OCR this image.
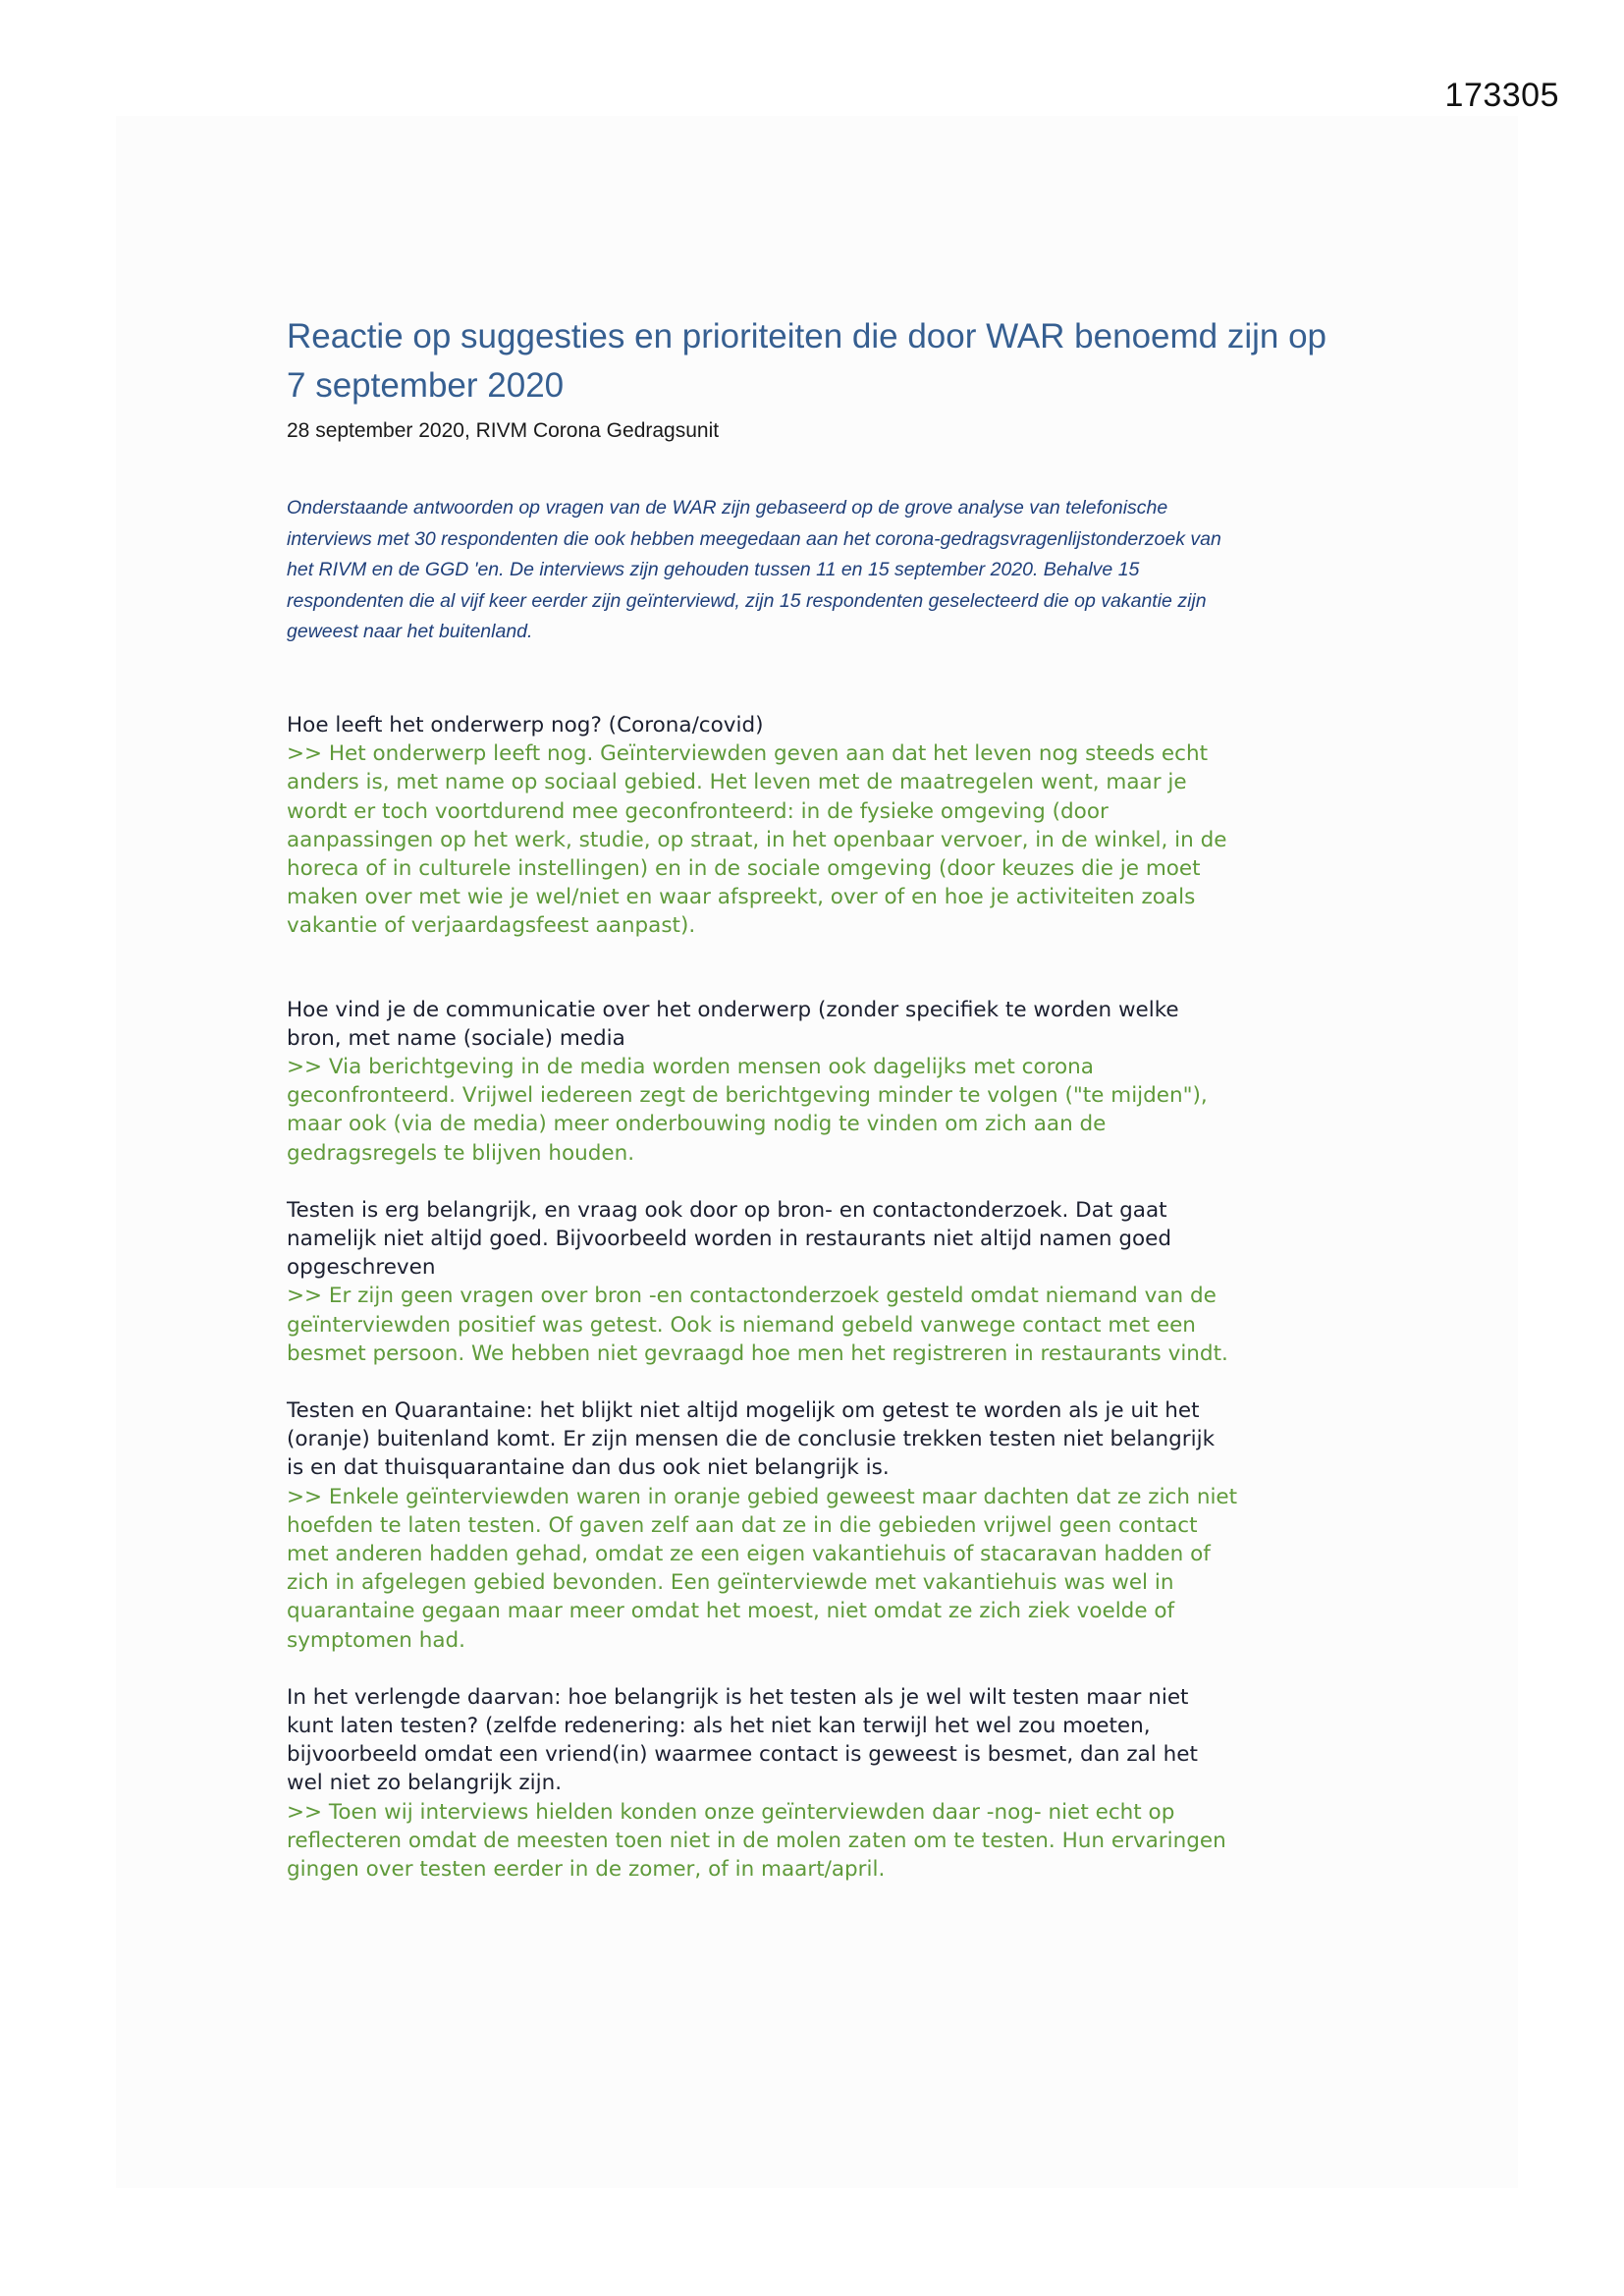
173305
Reactie op suggesties en prioriteiten die door WAR benoemd zijn op
7 september 2020

28 september 2020, RIVM Corona Gedragsunit

Onderstaande antwoorden op vragen van de WAR zijn gebaseerd op de grove analyse van telefonische
interviews met 30 respondenten die ook hebben meegedaan aan het corona-gedragsvragenlijstonderzoek van
het RIVM en de GGD 'en. De interviews zijn gehouden tussen 11 en 15 september 2020. Behalve 15
respondenten die al vijf keer eerder zijn geïnterviewd, zijn 15 respondenten geselecteerd die op vakantie zijn
geweest naar het buitenland.

Hoe leeft het onderwerp nog? (Corona/covid)

>> Het onderwerp leeft nog. Geïnterviewden geven aan dat het leven nog steeds echt
anders is, met name op sociaal gebied. Het leven met de maatregelen went, maar je
wordt er toch voortdurend mee geconfronteerd: in de fysieke omgeving (door
aanpassingen op het werk, studie, op straat, in het openbaar vervoer, in de winkel, in de
horeca of in culturele instellingen) en in de sociale omgeving (door keuzes die je moet
maken over met wie je wel/niet en waar afspreekt, over of en hoe je activiteiten zoals
vakantie of verjaardagsfeest aanpast).

Hoe vind je de communicatie over het onderwerp (zonder specifiek te worden welke
bron, met name (sociale) media

>> Via berichtgeving in de media worden mensen ook dagelijks met corona
geconfronteerd. Vrijwel iedereen zegt de berichtgeving minder te volgen ("te mijden"),
maar ook (via de media) meer onderbouwing nodig te vinden om zich aan de
gedragsregels te blijven houden.

Testen is erg belangrijk, en vraag ook door op bron- en contactonderzoek. Dat gaat
namelijk niet altijd goed. Bijvoorbeeld worden in restaurants niet altijd namen goed
opgeschreven

>> Er zijn geen vragen over bron -en contactonderzoek gesteld omdat niemand van de
geïnterviewden positief was getest. Ook is niemand gebeld vanwege contact met een
besmet persoon. We hebben niet gevraagd hoe men het registreren in restaurants vindt.

Testen en Quarantaine: het blijkt niet altijd mogelijk om getest te worden als je uit het
(oranje) buitenland komt. Er zijn mensen die de conclusie trekken testen niet belangrijk
is en dat thuisquarantaine dan dus ook niet belangrijk is.

>> Enkele geïnterviewden waren in oranje gebied geweest maar dachten dat ze zich niet
hoefden te laten testen. Of gaven zelf aan dat ze in die gebieden vrijwel geen contact
met anderen hadden gehad, omdat ze een eigen vakantiehuis of stacaravan hadden of
zich in afgelegen gebied bevonden. Een geïnterviewde met vakantiehuis was wel in
quarantaine gegaan maar meer omdat het moest, niet omdat ze zich ziek voelde of
symptomen had.

In het verlengde daarvan: hoe belangrijk is het testen als je wel wilt testen maar niet
kunt laten testen? (zelfde redenering: als het niet kan terwijl het wel zou moeten,
bijvoorbeeld omdat een vriend(in) waarmee contact is geweest is besmet, dan zal het
wel niet zo belangrijk zijn.

>> Toen wij interviews hielden konden onze geïnterviewden daar -nog- niet echt op
reflecteren omdat de meesten toen niet in de molen zaten om te testen. Hun ervaringen
gingen over testen eerder in de zomer, of in maart/april.
